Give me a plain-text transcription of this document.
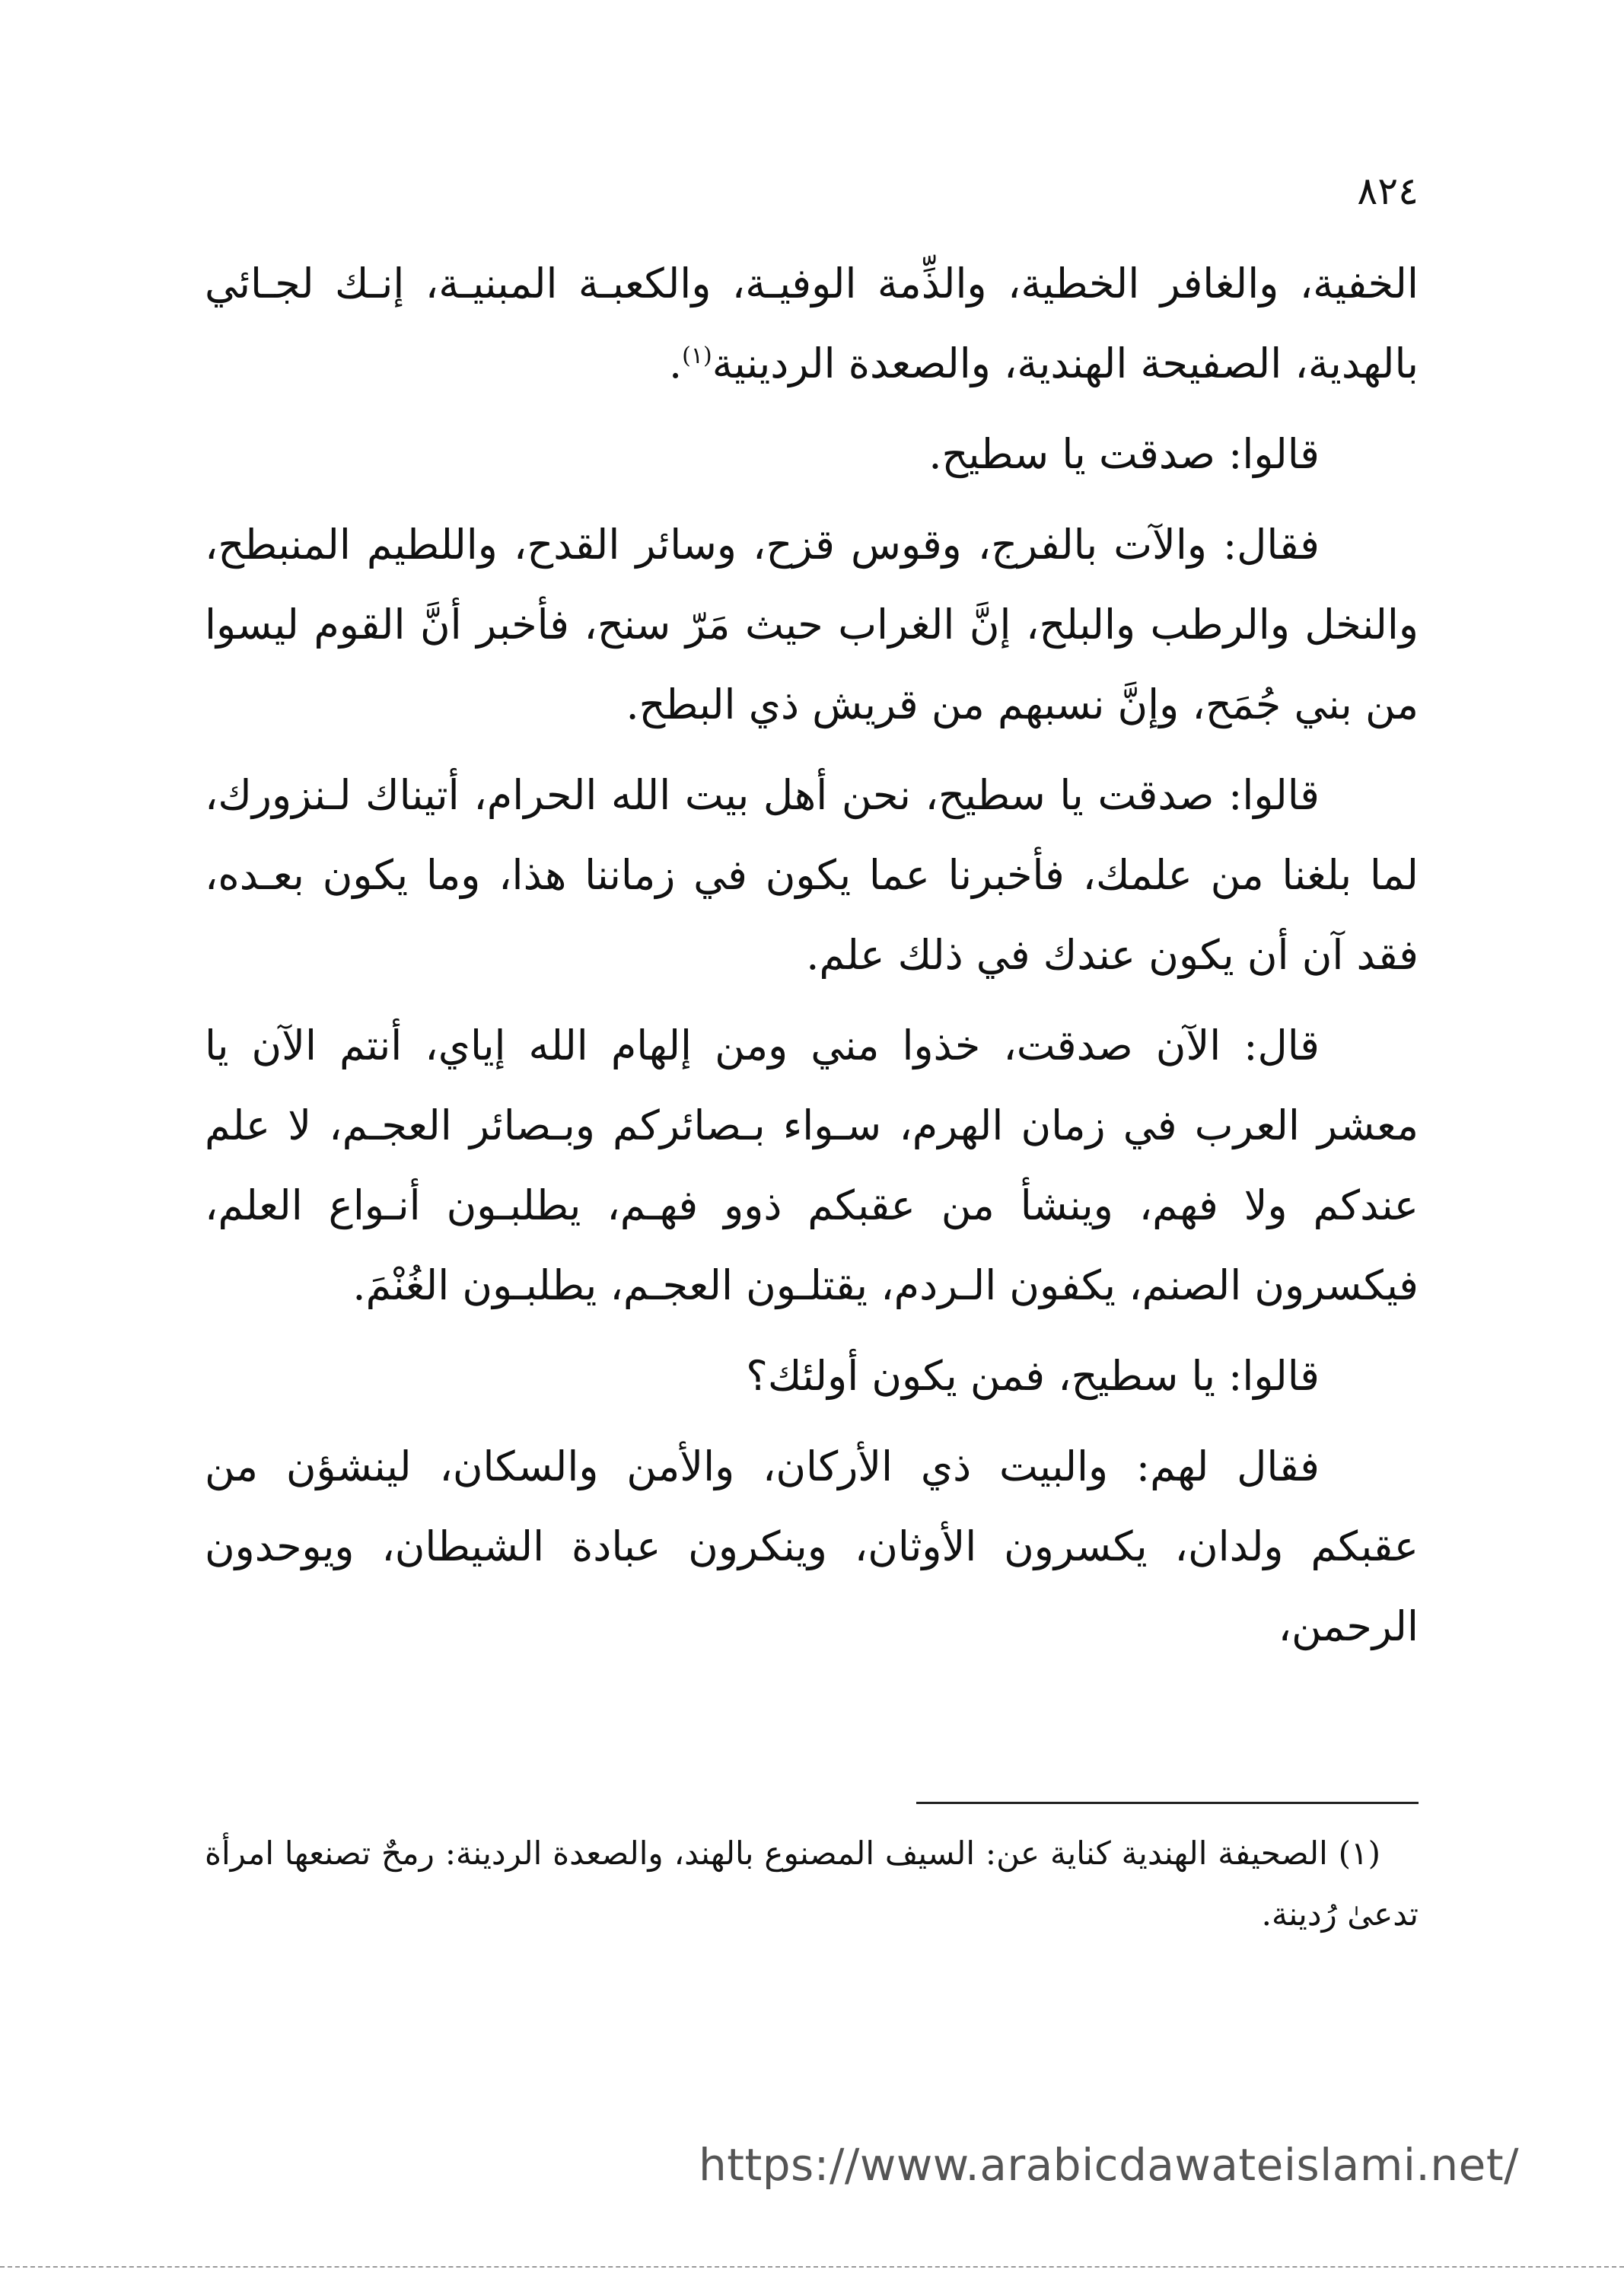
٨٢٤

الخفية، والغافر الخطية، والذِّمة الوفيـة، والكعبـة المبنيـة، إنـك لجـائي بالهدية، الصفيحة الهندية، والصعدة الردينية$^{(١)}$.

قالوا: صدقت يا سطيح.

فقال: والآت بالفرج، وقوس قزح، وسائر القدح، واللطيم المنبطح، والنخل والرطب والبلح، إنَّ الغراب حيث مَرّ سنح، فأخبر أنَّ القوم ليسوا من بني جُمَح، وإنَّ نسبهم من قريش ذي البطح.

قالوا: صدقت يا سطيح، نحن أهل بيت الله الحرام، أتيناك لـنزورك، لما بلغنا من علمك، فأخبرنا عما يكون في زماننا هذا، وما يكون بعـده، فقد آن أن يكون عندك في ذلك علم.

قال: الآن صدقت، خذوا مني ومن إلهام الله إياي، أنتم الآن يا معشر العرب في زمان الهرم، سـواء بـصائركم وبـصائر العجـم، لا علم عندكم ولا فهم، وينشأ من عقبكم ذوو فهـم، يطلبـون أنـواع العلم، فيكسرون الصنم، يكفون الـردم، يقتلـون العجـم، يطلبـون الغُنْمَ.

قالوا: يا سطيح، فمن يكون أولئك؟

فقال لهم: والبيت ذي الأركان، والأمن والسكان، لينشؤن من عقبكم ولدان، يكسرون الأوثان، وينكرون عبادة الشيطان، ويوحدون الرحمن،

(١) الصحيفة الهندية كناية عن: السيف المصنوع بالهند، والصعدة الردينة: رمحٌ تصنعها امرأة تدعىٰ رُدينة.
https://www.arabicdawateislami.net/
